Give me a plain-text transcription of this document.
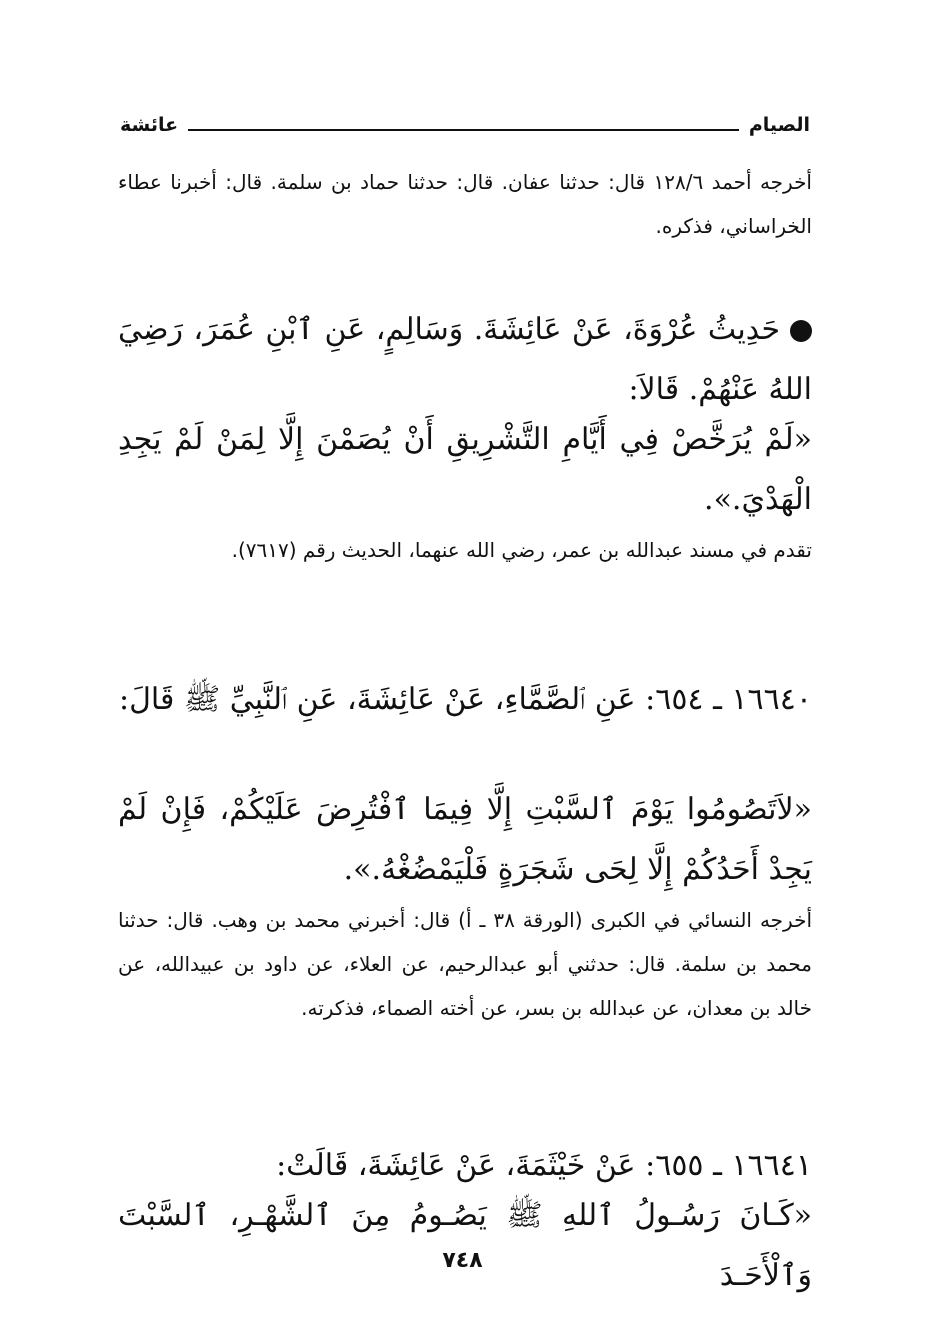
الصيام
عائشة
أخرجه أحمد ١٢٨/٦ قال: حدثنا عفان. قال: حدثنا حماد بن سلمة. قال: أخبرنا عطاء الخراساني، فذكره.
حَدِيثُ عُرْوَةَ، عَنْ عَائِشَةَ. وَسَالِمٍ، عَنِ ٱبْنِ عُمَرَ، رَضِيَ اللهُ عَنْهُمْ. قَالاَ:
«لَمْ يُرَخَّصْ فِي أَيَّامِ التَّشْرِيقِ أَنْ يُصَمْنَ إِلَّا لِمَنْ لَمْ يَجِدِ الْهَدْيَ.».
تقدم في مسند عبدالله بن عمر، رضي الله عنهما، الحديث رقم (٧٦١٧).
١٦٦٤٠ ـ ٦٥٤: عَنِ ٱلصَّمَّاءِ، عَنْ عَائِشَةَ، عَنِ ٱلنَّبِيِّ ﷺ قَالَ:
«لاَتَصُومُوا يَوْمَ ٱلسَّبْتِ إِلَّا فِيمَا ٱفْتُرِضَ عَلَيْكُمْ، فَإِنْ لَمْ يَجِدْ أَحَدُكُمْ إِلَّا لِحَى شَجَرَةٍ فَلْيَمْضُغْهُ.».
أخرجه النسائي في الكبرى (الورقة ٣٨ ـ أ) قال: أخبرني محمد بن وهب. قال: حدثنا محمد بن سلمة. قال: حدثني أبو عبدالرحيم، عن العلاء، عن داود بن عبيدالله، عن خالد بن معدان، عن عبدالله بن بسر، عن أخته الصماء، فذكرته.
١٦٦٤١ ـ ٦٥٥: عَنْ خَيْثَمَةَ، عَنْ عَائِشَةَ، قَالَتْ:
«كَـانَ رَسُـولُ ٱللهِ ﷺ يَصُـومُ مِنَ ٱلشَّهْـرِ، ٱلسَّبْتَ وَٱلْأَحَـدَ
٧٤٨
